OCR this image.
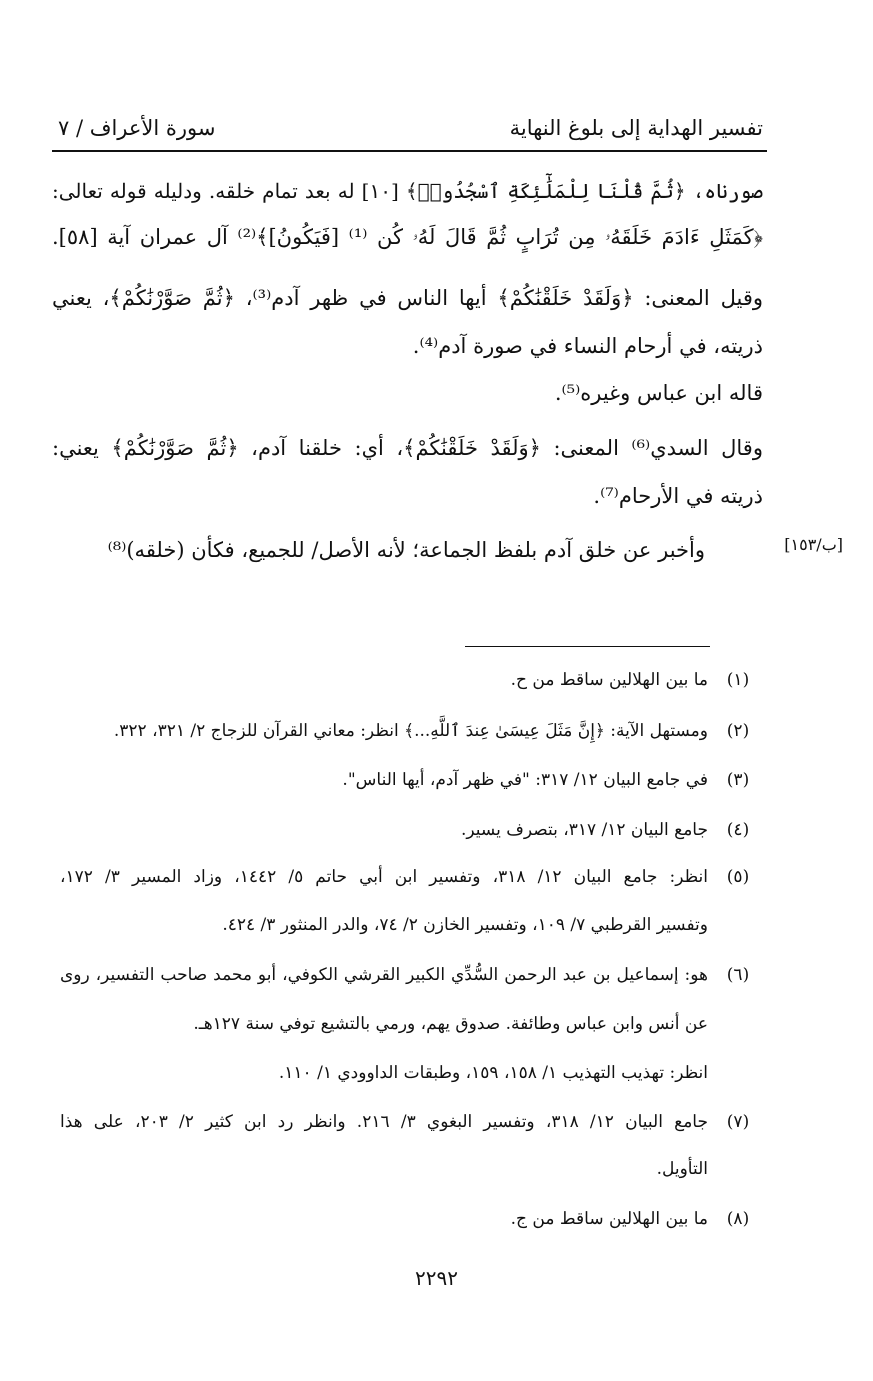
تفسير الهداية إلى بلوغ النهاية
سورة الأعراف / ٧
صورناه، ﴿ثُمَّ قُلْنَا لِلْمَلَٰٓئِكَةِ ٱسْجُدُوا۟﴾ [١٠] له بعد تمام خلقه. ودليله قوله تعالى:
﴿كَمَثَلِ ءَادَمَ خَلَقَهُۥ مِن تُرَابٍ ثُمَّ قَالَ لَهُۥ كُن ⁽¹⁾ [فَيَكُونُ]﴾⁽²⁾ آل عمران آية [٥٨].
وقيل المعنى: ﴿وَلَقَدْ خَلَقْنَٰكُمْ﴾ أيها الناس في ظهر آدم⁽³⁾، ﴿ثُمَّ صَوَّرْنَٰكُمْ﴾، يعني
ذريته، في أرحام النساء في صورة آدم⁽⁴⁾.
قاله ابن عباس وغيره⁽⁵⁾.
وقال السدي⁽⁶⁾ المعنى: ﴿وَلَقَدْ خَلَقْنَٰكُمْ﴾، أي: خلقنا آدم، ﴿ثُمَّ صَوَّرْنَٰكُمْ﴾ يعني:
ذريته في الأرحام⁽⁷⁾.
وأخبر عن خلق آدم بلفظ الجماعة؛ لأنه الأصل/ للجميع، فكأن (خلقه)⁽⁸⁾	[ب/١٥٣]
(١)
ما بين الهلالين ساقط من ح.
(٢)
ومستهل الآية: ﴿إِنَّ مَثَلَ عِيسَىٰ عِندَ ٱللَّهِ...﴾ انظر: معاني القرآن للزجاج ٢/ ٣٢١، ٣٢٢.
(٣)
في جامع البيان ١٢/ ٣١٧: "في ظهر آدم، أيها الناس".
(٤)
جامع البيان ١٢/ ٣١٧، بتصرف يسير.
(٥)
انظر: جامع البيان ١٢/ ٣١٨، وتفسير ابن أبي حاتم ٥/ ١٤٤٢، وزاد المسير ٣/ ١٧٢،
وتفسير القرطبي ٧/ ١٠٩، وتفسير الخازن ٢/ ٧٤، والدر المنثور ٣/ ٤٢٤.
(٦)
هو: إسماعيل بن عبد الرحمن السُّدِّي الكبير القرشي الكوفي، أبو محمد صاحب التفسير، روى
عن أنس وابن عباس وطائفة. صدوق يهم، ورمي بالتشيع توفي سنة ١٢٧هـ.
انظر: تهذيب التهذيب ١/ ١٥٨، ١٥٩، وطبقات الداوودي ١/ ١١٠.
(٧)
جامع البيان ١٢/ ٣١٨، وتفسير البغوي ٣/ ٢١٦. وانظر رد ابن كثير ٢/ ٢٠٣، على هذا
التأويل.
(٨)
ما بين الهلالين ساقط من ج.
٢٢٩٢
